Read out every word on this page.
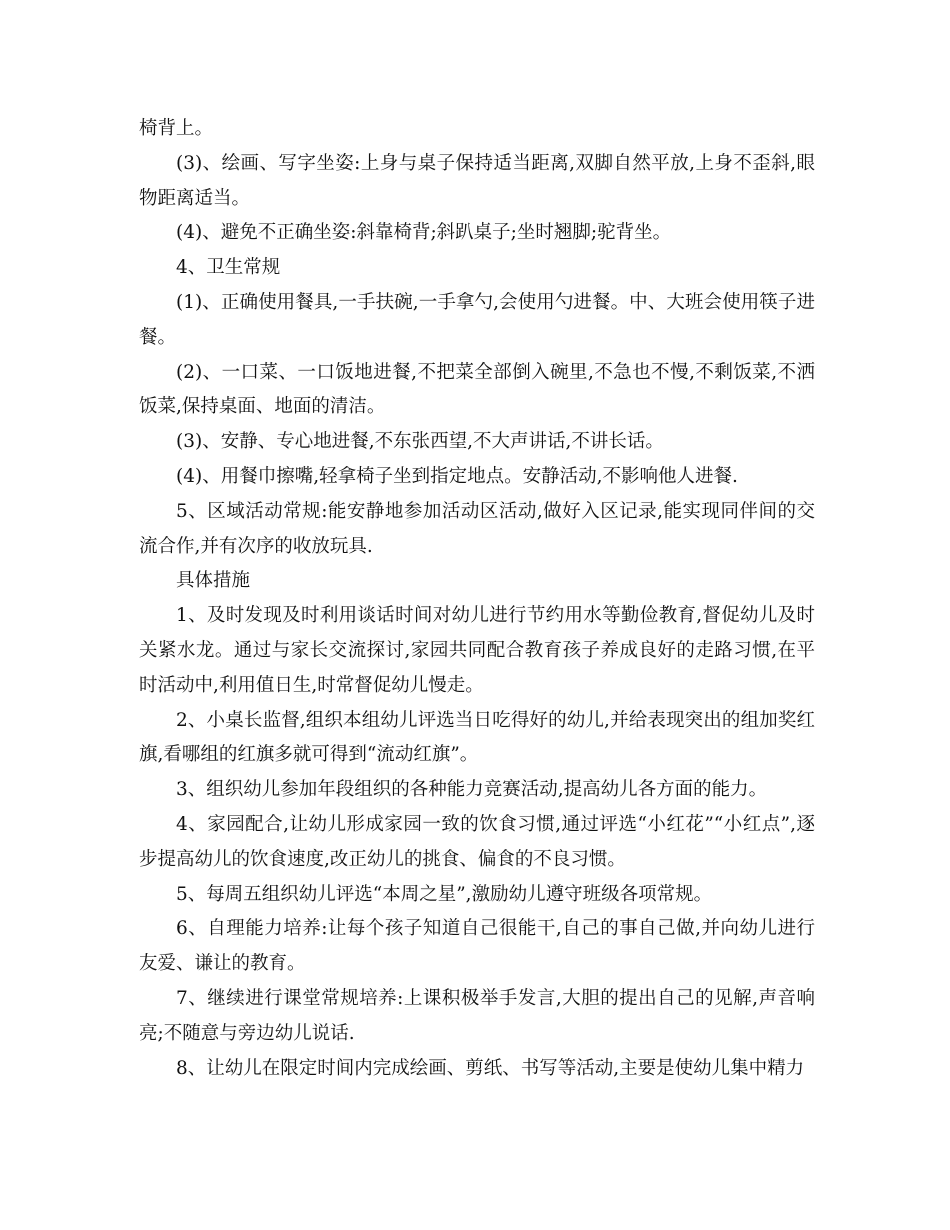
椅背上。

(3)、绘画、写字坐姿:上身与桌子保持适当距离,双脚自然平放,上身不歪斜,眼物距离适当。

(4)、避免不正确坐姿:斜靠椅背;斜趴桌子;坐时翘脚;驼背坐。

4、卫生常规

(1)、正确使用餐具,一手扶碗,一手拿勺,会使用勺进餐。中、大班会使用筷子进餐。

(2)、一口菜、一口饭地进餐,不把菜全部倒入碗里,不急也不慢,不剩饭菜,不洒饭菜,保持桌面、地面的清洁。

(3)、安静、专心地进餐,不东张西望,不大声讲话,不讲长话。

(4)、用餐巾擦嘴,轻拿椅子坐到指定地点。安静活动,不影响他人进餐.

5、区域活动常规:能安静地参加活动区活动,做好入区记录,能实现同伴间的交流合作,并有次序的收放玩具.

具体措施

1、及时发现及时利用谈话时间对幼儿进行节约用水等勤俭教育,督促幼儿及时关紧水龙。通过与家长交流探讨,家园共同配合教育孩子养成良好的走路习惯,在平时活动中,利用值日生,时常督促幼儿慢走。

2、小桌长监督,组织本组幼儿评选当日吃得好的幼儿,并给表现突出的组加奖红旗,看哪组的红旗多就可得到“流动红旗”。

3、组织幼儿参加年段组织的各种能力竞赛活动,提高幼儿各方面的能力。

4、家园配合,让幼儿形成家园一致的饮食习惯,通过评选“小红花”“小红点”,逐步提高幼儿的饮食速度,改正幼儿的挑食、偏食的不良习惯。

5、每周五组织幼儿评选“本周之星”,激励幼儿遵守班级各项常规。

6、自理能力培养:让每个孩子知道自己很能干,自己的事自己做,并向幼儿进行友爱、谦让的教育。

7、继续进行课堂常规培养:上课积极举手发言,大胆的提出自己的见解,声音响亮;不随意与旁边幼儿说话.

8、让幼儿在限定时间内完成绘画、剪纸、书写等活动,主要是使幼儿集中精力
